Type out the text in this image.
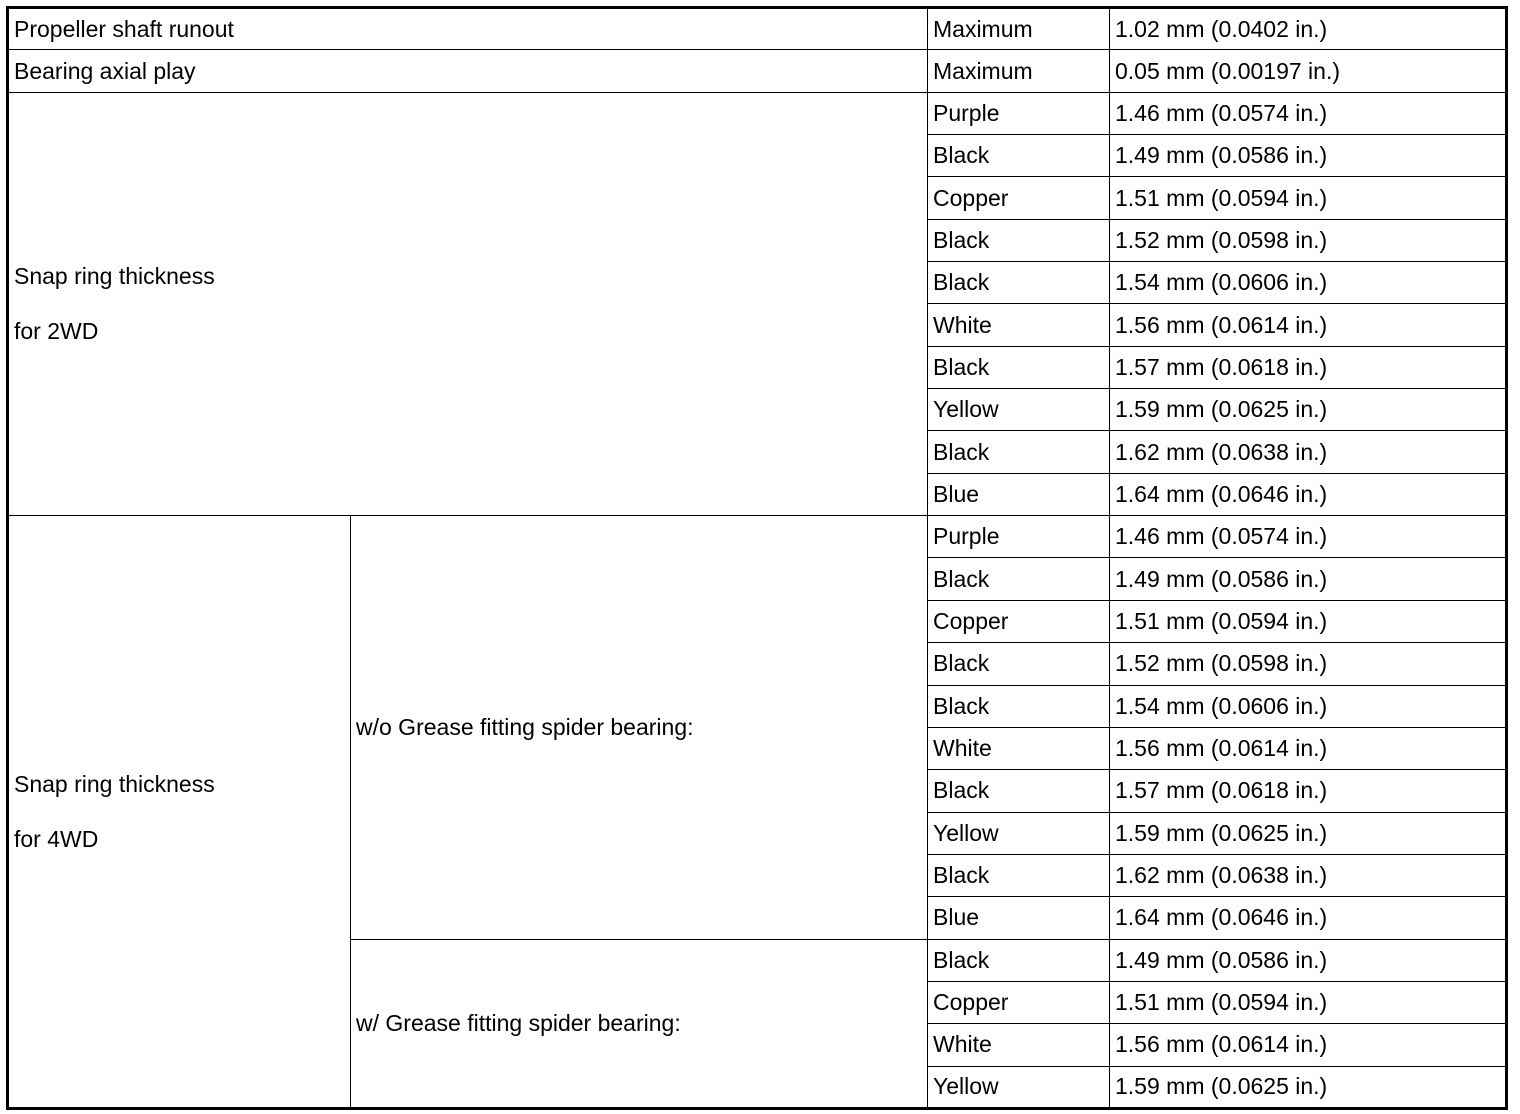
Propeller shaft runout		Maximum	1.02 mm (0.0402 in.)
Bearing axial play		Maximum	0.05 mm (0.00197 in.)

Snap ring thickness
for 2WD		Purple	1.46 mm (0.0574 in.)
		Black	1.49 mm (0.0586 in.)
		Copper	1.51 mm (0.0594 in.)
		Black	1.52 mm (0.0598 in.)
		Black	1.54 mm (0.0606 in.)
		White	1.56 mm (0.0614 in.)
		Black	1.57 mm (0.0618 in.)
		Yellow	1.59 mm (0.0625 in.)
		Black	1.62 mm (0.0638 in.)
		Blue	1.64 mm (0.0646 in.)

Snap ring thickness
for 4WD	w/o Grease fitting spider bearing:	Purple	1.46 mm (0.0574 in.)
		Black	1.49 mm (0.0586 in.)
		Copper	1.51 mm (0.0594 in.)
		Black	1.52 mm (0.0598 in.)
		Black	1.54 mm (0.0606 in.)
		White	1.56 mm (0.0614 in.)
		Black	1.57 mm (0.0618 in.)
		Yellow	1.59 mm (0.0625 in.)
		Black	1.62 mm (0.0638 in.)
		Blue	1.64 mm (0.0646 in.)
	w/ Grease fitting spider bearing:	Black	1.49 mm (0.0586 in.)
		Copper	1.51 mm (0.0594 in.)
		White	1.56 mm (0.0614 in.)
		Yellow	1.59 mm (0.0625 in.)
